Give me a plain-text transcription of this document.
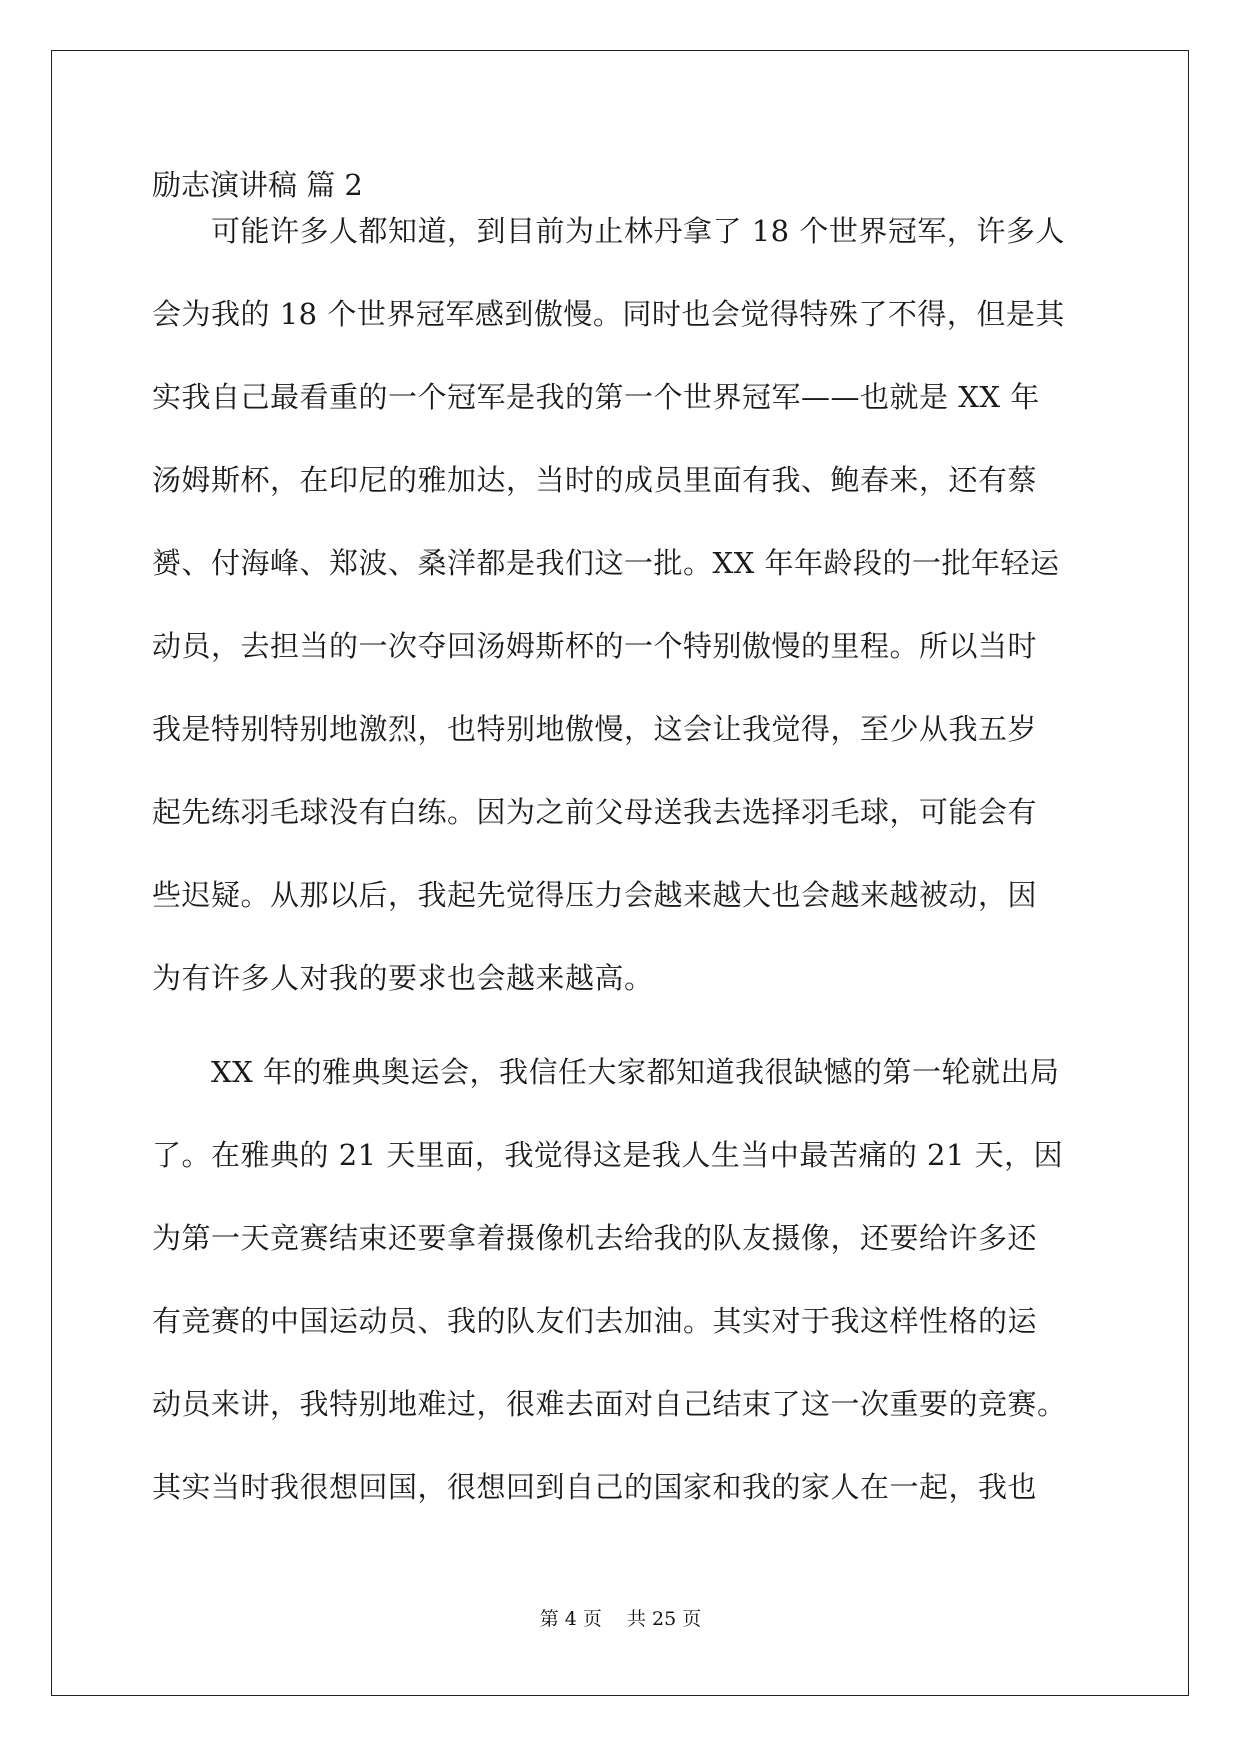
励志演讲稿 篇 2
　　可能许多人都知道，到目前为止林丹拿了 18 个世界冠军，许多人
会为我的 18 个世界冠军感到傲慢。同时也会觉得特殊了不得，但是其
实我自己最看重的一个冠军是我的第一个世界冠军——也就是 XX 年
汤姆斯杯，在印尼的雅加达，当时的成员里面有我、鲍春来，还有蔡
赟、付海峰、郑波、桑洋都是我们这一批。XX 年年龄段的一批年轻运
动员，去担当的一次夺回汤姆斯杯的一个特别傲慢的里程。所以当时
我是特别特别地激烈，也特别地傲慢，这会让我觉得，至少从我五岁
起先练羽毛球没有白练。因为之前父母送我去选择羽毛球，可能会有
些迟疑。从那以后，我起先觉得压力会越来越大也会越来越被动，因
为有许多人对我的要求也会越来越高。
　　XX 年的雅典奥运会，我信任大家都知道我很缺憾的第一轮就出局
了。在雅典的 21 天里面，我觉得这是我人生当中最苦痛的 21 天，因
为第一天竞赛结束还要拿着摄像机去给我的队友摄像，还要给许多还
有竞赛的中国运动员、我的队友们去加油。其实对于我这样性格的运
动员来讲，我特别地难过，很难去面对自己结束了这一次重要的竞赛。
其实当时我很想回国，很想回到自己的国家和我的家人在一起，我也
第 4 页　 共 25 页
